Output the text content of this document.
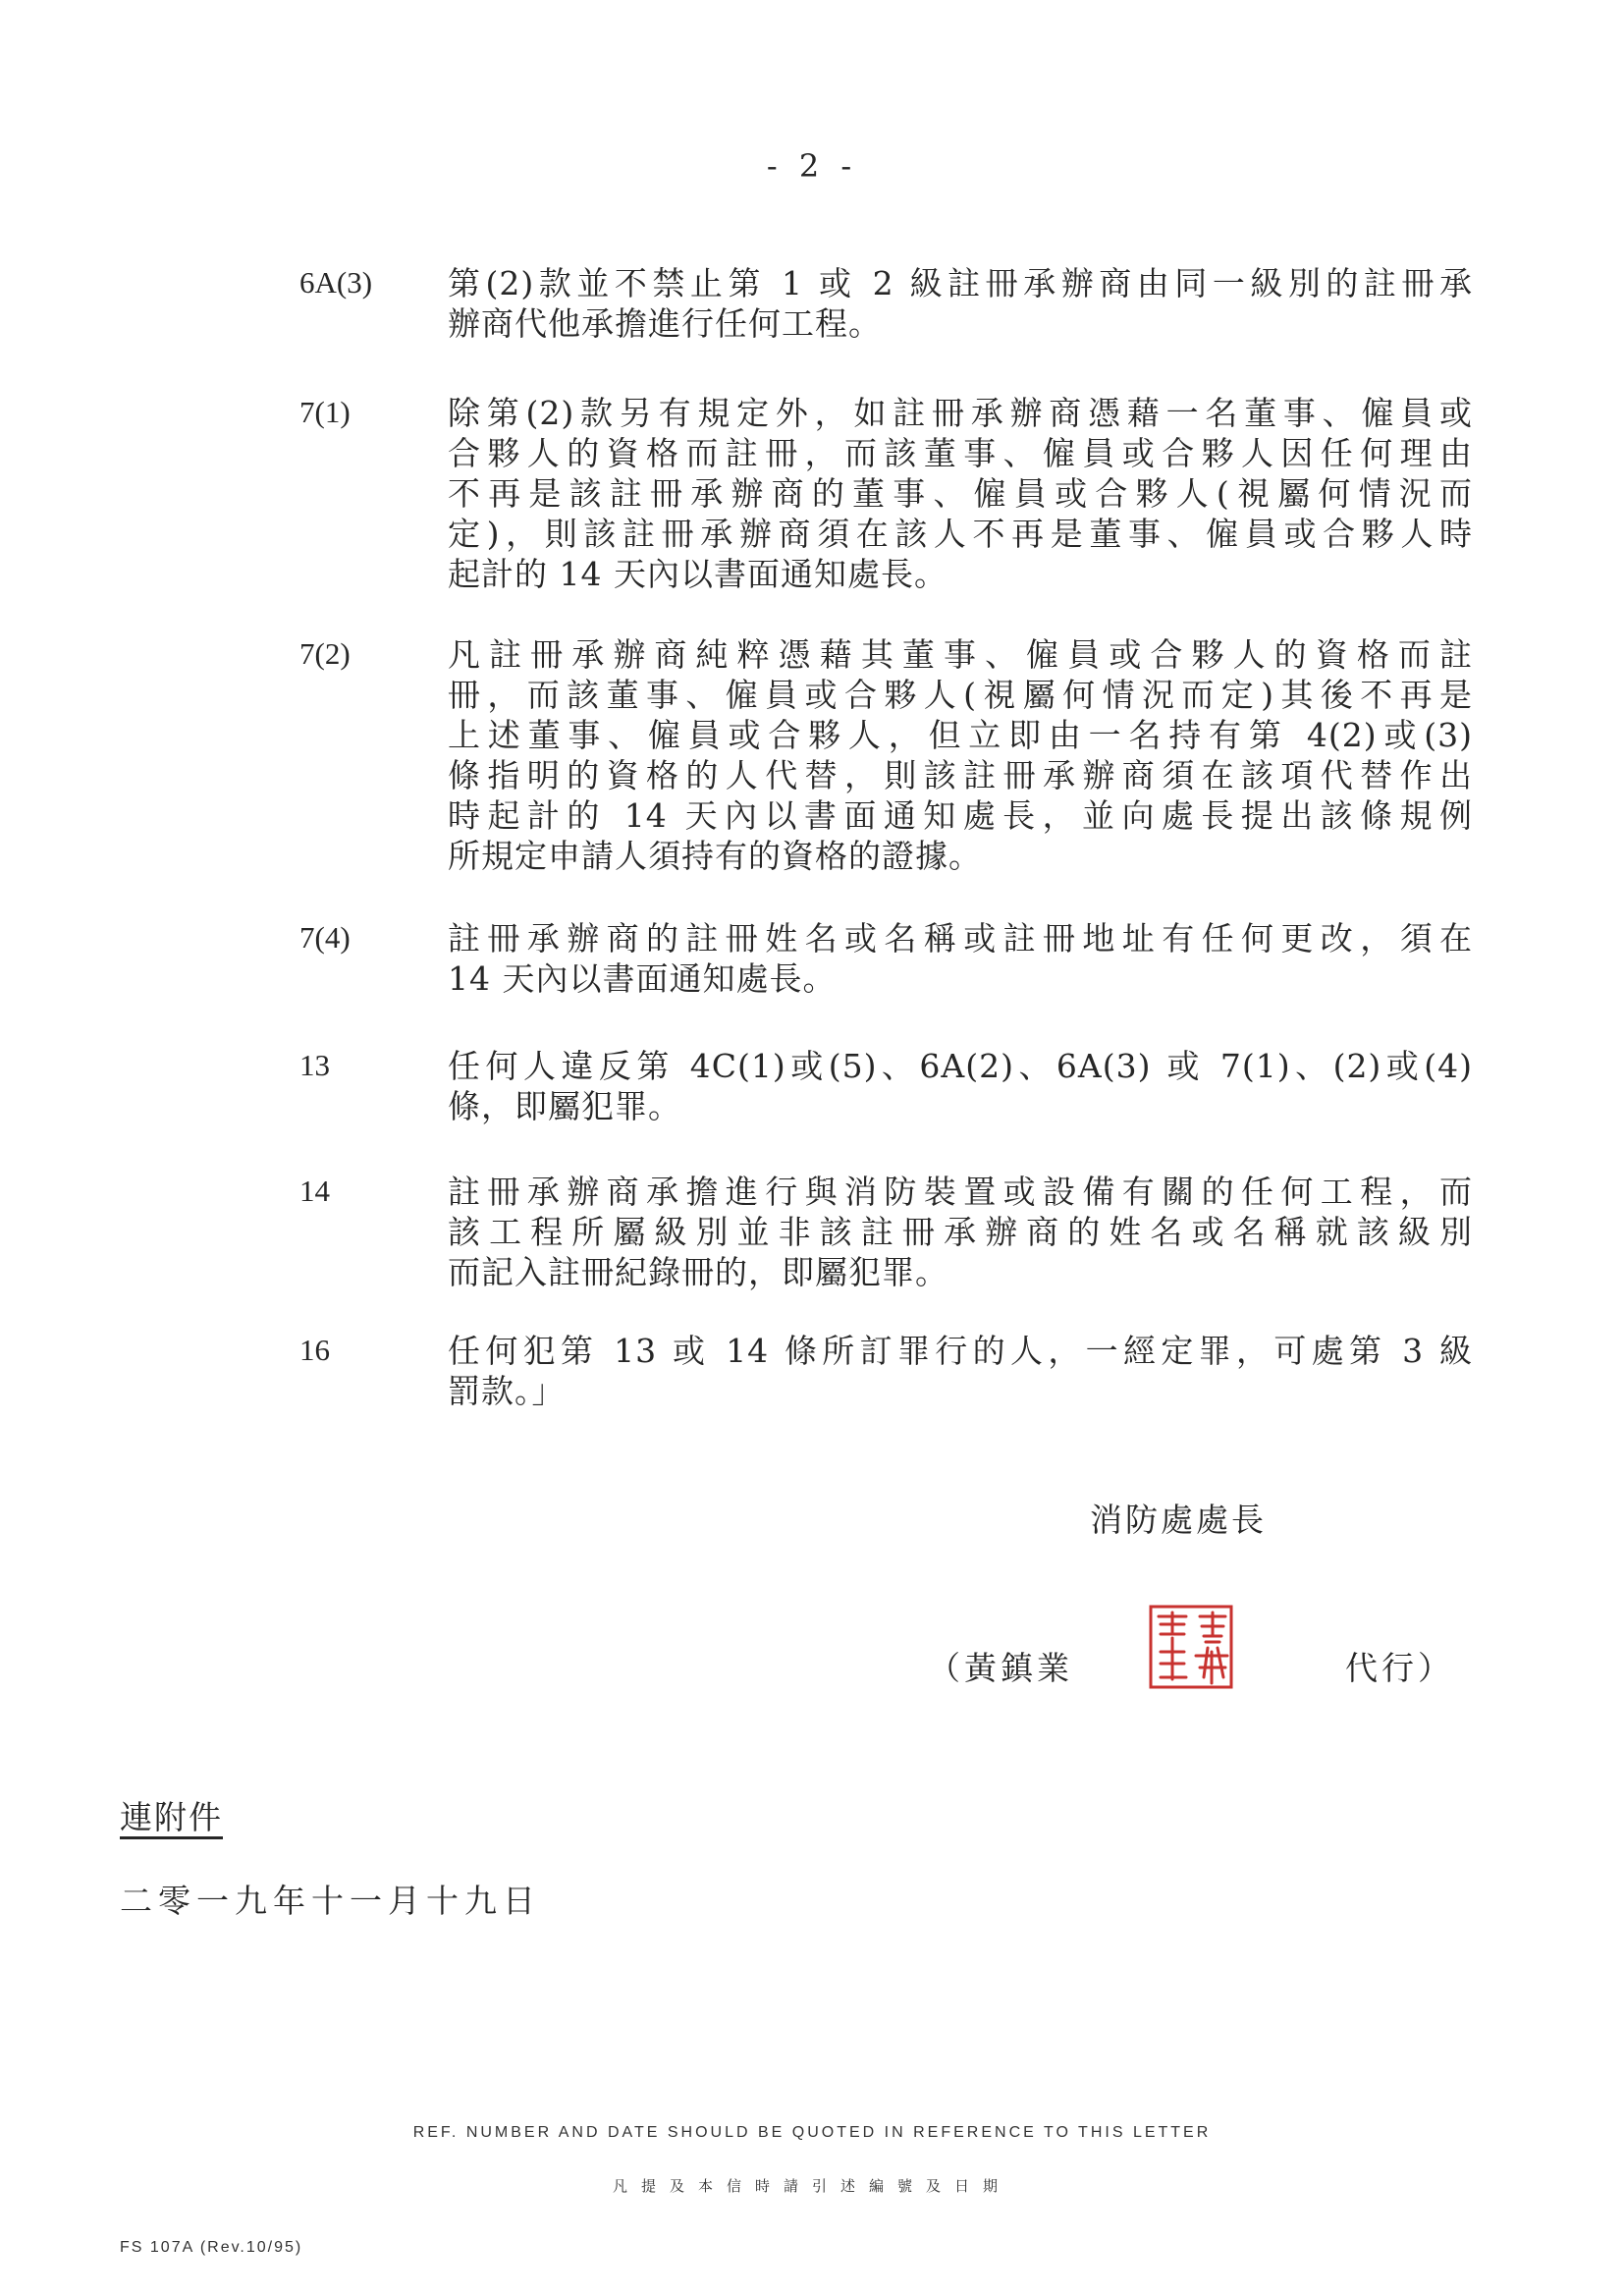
- 2 -
6A(3) 第(2)款並不禁止第 1 或 2 級註冊承辦商由同一級別的註冊承
辦商代他承擔進行任何工程。
7(1)	除第(2)款另有規定外，如註冊承辦商憑藉一名董事、僱員或
合夥人的資格而註冊，而該董事、僱員或合夥人因任何理由
不再是該註冊承辦商的董事、僱員或合夥人(視屬何情況而
定)，則該註冊承辦商須在該人不再是董事、僱員或合夥人時
起計的 14 天內以書面通知處長。
7(2)	凡註冊承辦商純粹憑藉其董事、僱員或合夥人的資格而註
冊，而該董事、僱員或合夥人(視屬何情況而定)其後不再是
上述董事、僱員或合夥人，但立即由一名持有第 4(2)或(3)
條指明的資格的人代替，則該註冊承辦商須在該項代替作出
時起計的 14 天內以書面通知處長，並向處長提出該條規例
所規定申請人須持有的資格的證據。
7(4)	註冊承辦商的註冊姓名或名稱或註冊地址有任何更改，須在
14 天內以書面通知處長。
13	任何人違反第 4C(1)或(5)、6A(2)、6A(3) 或 7(1)、(2)或(4)
條，即屬犯罪。
14	註冊承辦商承擔進行與消防裝置或設備有關的任何工程，而
該工程所屬級別並非該註冊承辦商的姓名或名稱就該級別
而記入註冊紀錄冊的，即屬犯罪。
16	任何犯第 13 或 14 條所訂罪行的人，一經定罪，可處第 3 級
罰款。」
消防處處長
（黃鎮業	代行）
連附件
二零一九年十一月十九日
REF. NUMBER AND DATE SHOULD BE QUOTED IN REFERENCE TO THIS LETTER
凡提及本信時請引述編號及日期
FS 107A (Rev.10/95)
